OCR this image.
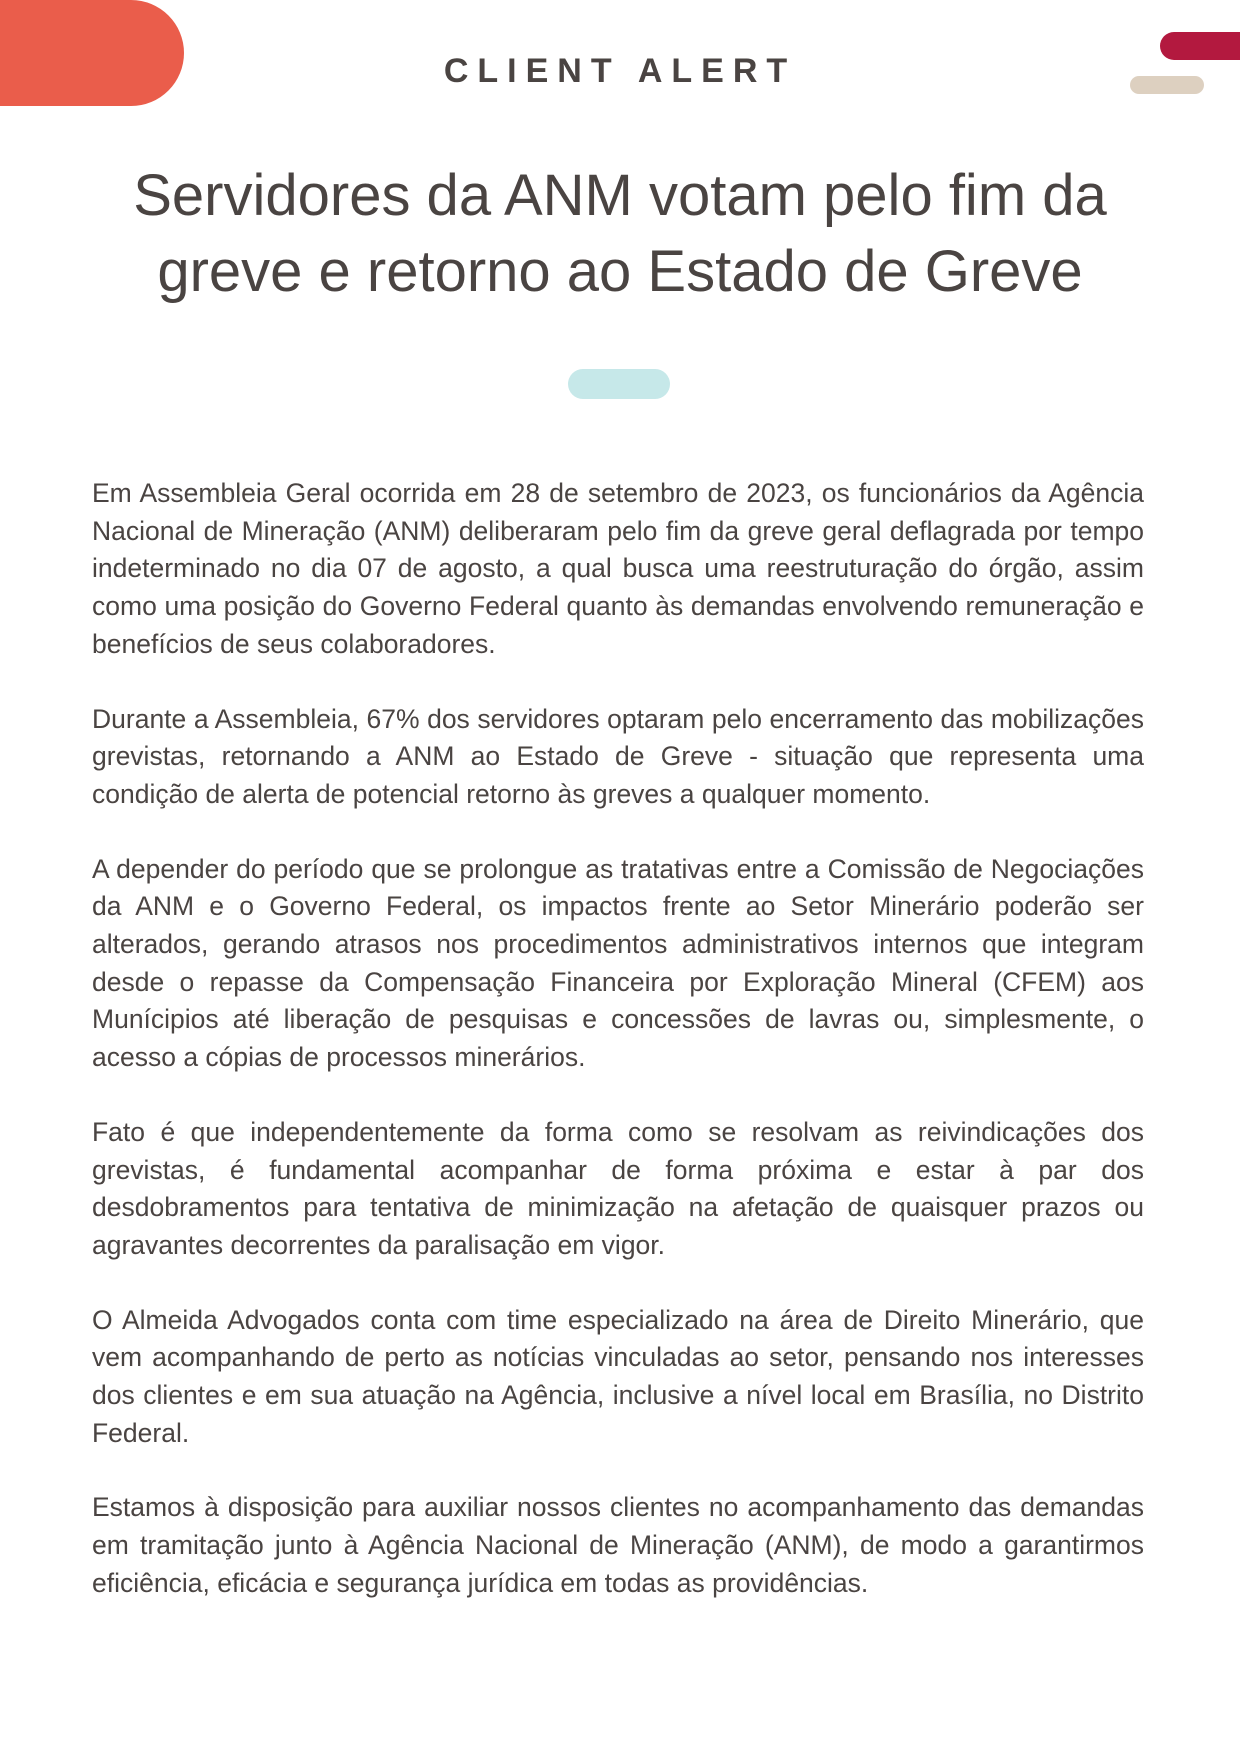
CLIENT ALERT
Servidores da ANM votam pelo fim da greve e retorno ao Estado de Greve

Em Assembleia Geral ocorrida em 28 de setembro de 2023, os funcionários da Agência Nacional de Mineração (ANM) deliberaram pelo fim da greve geral deflagrada por tempo indeterminado no dia 07 de agosto, a qual busca uma reestruturação do órgão, assim como uma posição do Governo Federal quanto às demandas envolvendo remuneração e benefícios de seus colaboradores.

Durante a Assembleia, 67% dos servidores optaram pelo encerramento das mobilizações grevistas, retornando a ANM ao Estado de Greve - situação que representa uma condição de alerta de potencial retorno às greves a qualquer momento.

A depender do período que se prolongue as tratativas entre a Comissão de Negociações da ANM e o Governo Federal, os impactos frente ao Setor Minerário poderão ser alterados, gerando atrasos nos procedimentos administrativos internos que integram desde o repasse da Compensação Financeira por Exploração Mineral (CFEM) aos Munícipios até liberação de pesquisas e concessões de lavras ou, simplesmente, o acesso a cópias de processos minerários.

Fato é que independentemente da forma como se resolvam as reivindicações dos grevistas, é fundamental acompanhar de forma próxima e estar à par dos desdobramentos para tentativa de minimização na afetação de quaisquer prazos ou agravantes decorrentes da paralisação em vigor.

O Almeida Advogados conta com time especializado na área de Direito Minerário, que vem acompanhando de perto as notícias vinculadas ao setor, pensando nos interesses dos clientes e em sua atuação na Agência, inclusive a nível local em Brasília, no Distrito Federal.

Estamos à disposição para auxiliar nossos clientes no acompanhamento das demandas em tramitação junto à Agência Nacional de Mineração (ANM), de modo a garantirmos eficiência, eficácia e segurança jurídica em todas as providências.
